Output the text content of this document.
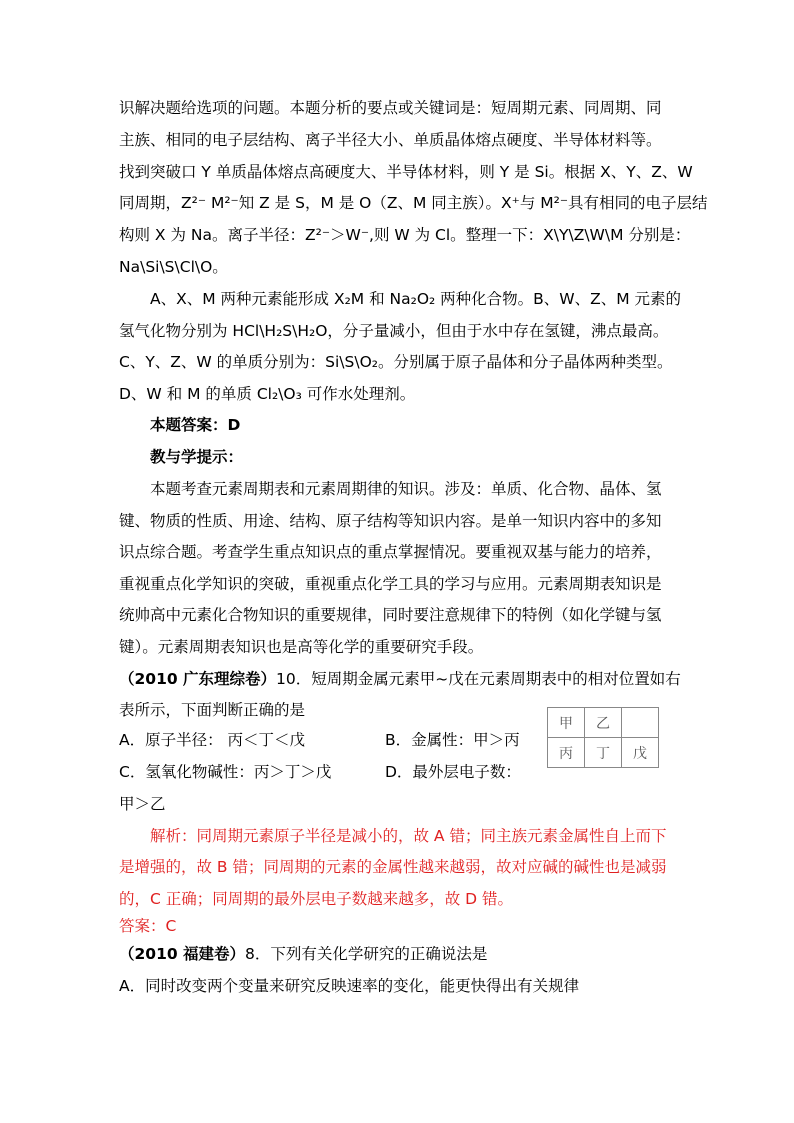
识解决题给选项的问题。本题分析的要点或关键词是：短周期元素、同周期、同
主族、相同的电子层结构、离子半径大小、单质晶体熔点硬度、半导体材料等。
找到突破口 Y 单质晶体熔点高硬度大、半导体材料，则 Y 是 Si。根据 X、Y、Z、W
同周期，Z²⁻ M²⁻知 Z 是 S，M 是 O（Z、M 同主族）。X⁺与 M²⁻具有相同的电子层结
构则 X 为 Na。离子半径：Z²⁻＞W⁻,则 W 为 Cl。整理一下：X\Y\Z\W\M 分别是：
Na\Si\S\Cl\O。
A、X、M 两种元素能形成 X₂M 和 Na₂O₂ 两种化合物。B、W、Z、M 元素的
氢气化物分别为 HCl\H₂S\H₂O，分子量减小，但由于水中存在氢键，沸点最高。
C、Y、Z、W 的单质分别为：Si\S\O₂。分别属于原子晶体和分子晶体两种类型。
D、W 和 M 的单质 Cl₂\O₃ 可作水处理剂。
本题答案：D
教与学提示：
本题考查元素周期表和元素周期律的知识。涉及：单质、化合物、晶体、氢
键、物质的性质、用途、结构、原子结构等知识内容。是单一知识内容中的多知
识点综合题。考查学生重点知识点的重点掌握情况。要重视双基与能力的培养，
重视重点化学知识的突破，重视重点化学工具的学习与应用。元素周期表知识是
统帅高中元素化合物知识的重要规律，同时要注意规律下的特例（如化学键与氢
键）。元素周期表知识也是高等化学的重要研究手段。
（2010 广东理综卷）10．短周期金属元素甲~戊在元素周期表中的相对位置如右
表所示，下面判断正确的是
A．原子半径： 丙＜丁＜戊	B．金属性：甲＞丙
C．氢氧化物碱性：丙＞丁＞戊	D．最外层电子数：
甲＞乙
甲	乙	
丙	丁	戊
解析：同周期元素原子半径是减小的，故 A 错；同主族元素金属性自上而下
是增强的，故 B 错；同周期的元素的金属性越来越弱，故对应碱的碱性也是减弱
的，C 正确；同周期的最外层电子数越来越多，故 D 错。
答案：C
（2010 福建卷）8．下列有关化学研究的正确说法是
A．同时改变两个变量来研究反映速率的变化，能更快得出有关规律
